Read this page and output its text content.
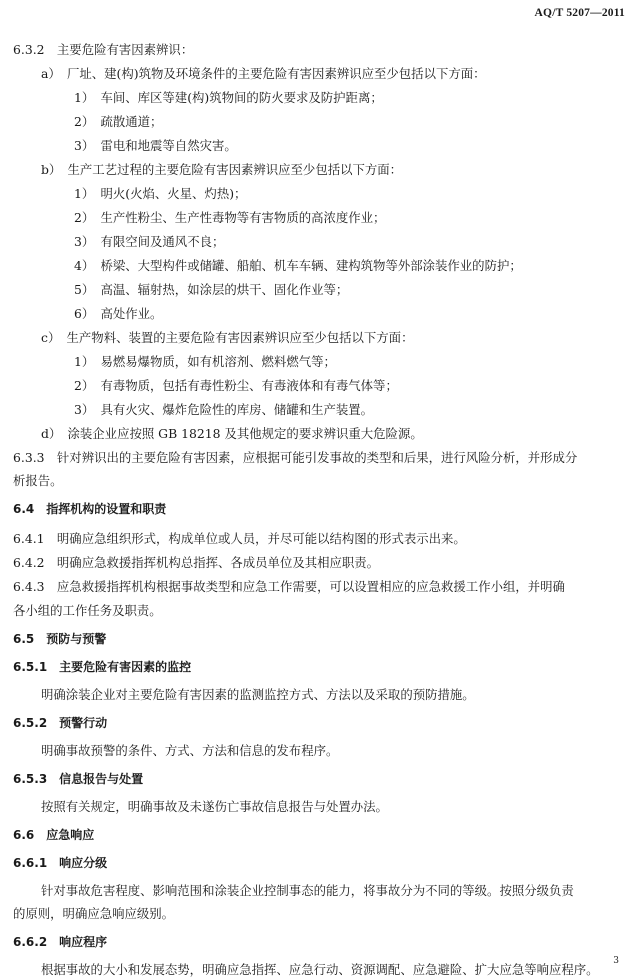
AQ/T 5207—2011
6.3.2　主要危险有害因素辨识：
a）　厂址、建(构)筑物及环境条件的主要危险有害因素辨识应至少包括以下方面：
1）　车间、库区等建(构)筑物间的防火要求及防护距离；
2）　疏散通道；
3）　雷电和地震等自然灾害。
b）　生产工艺过程的主要危险有害因素辨识应至少包括以下方面：
1）　明火(火焰、火星、灼热)；
2）　生产性粉尘、生产性毒物等有害物质的高浓度作业；
3）　有限空间及通风不良；
4）　桥梁、大型构件或储罐、船舶、机车车辆、建构筑物等外部涂装作业的防护；
5）　高温、辐射热，如涂层的烘干、固化作业等；
6）　高处作业。
c）　生产物料、装置的主要危险有害因素辨识应至少包括以下方面：
1）　易燃易爆物质，如有机溶剂、燃料燃气等；
2）　有毒物质，包括有毒性粉尘、有毒液体和有毒气体等；
3）　具有火灾、爆炸危险性的库房、储罐和生产装置。
d）　涂装企业应按照 GB 18218 及其他规定的要求辨识重大危险源。
6.3.3　针对辨识出的主要危险有害因素，应根据可能引发事故的类型和后果，进行风险分析，并形成分
析报告。
6.4　指挥机构的设置和职责
6.4.1　明确应急组织形式，构成单位或人员，并尽可能以结构图的形式表示出来。
6.4.2　明确应急救援指挥机构总指挥、各成员单位及其相应职责。
6.4.3　应急救援指挥机构根据事故类型和应急工作需要，可以设置相应的应急救援工作小组，并明确
各小组的工作任务及职责。
6.5　预防与预警
6.5.1　主要危险有害因素的监控
明确涂装企业对主要危险有害因素的监测监控方式、方法以及采取的预防措施。
6.5.2　预警行动
明确事故预警的条件、方式、方法和信息的发布程序。
6.5.3　信息报告与处置
按照有关规定，明确事故及未遂伤亡事故信息报告与处置办法。
6.6　应急响应
6.6.1　响应分级
针对事故危害程度、影响范围和涂装企业控制事态的能力，将事故分为不同的等级。按照分级负责
的原则，明确应急响应级别。
6.6.2　响应程序
根据事故的大小和发展态势，明确应急指挥、应急行动、资源调配、应急避险、扩大应急等响应程序。
3
